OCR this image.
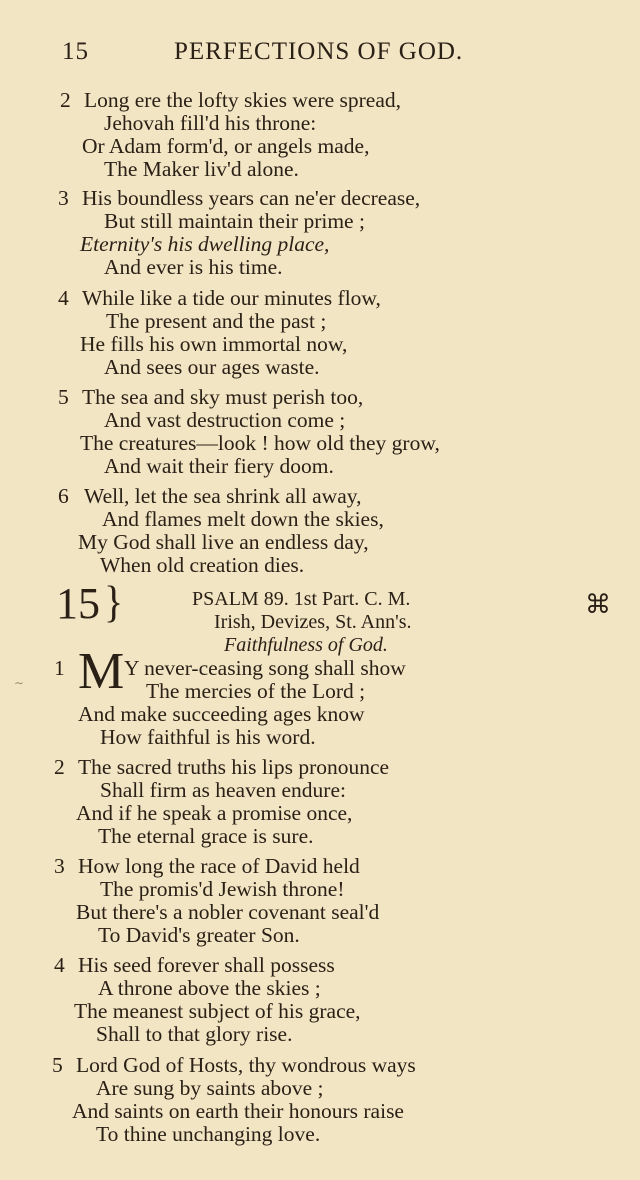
15	PERFECTIONS OF GOD.
2 Long ere the lofty skies were spread,
Jehovah fill'd his throne:
Or Adam form'd, or angels made,
The Maker liv'd alone.
3 His boundless years can ne'er decrease,
But still maintain their prime ;
Eternity's his dwelling place,
And ever is his time.
4 While like a tide our minutes flow,
The present and the past ;
He fills his own immortal now,
And sees our ages waste.
5 The sea and sky must perish too,
And vast destruction come ;
The creatures—look ! how old they grow,
And wait their fiery doom.
6 Well, let the sea shrink all away,
And flames melt down the skies,
My God shall live an endless day,
When old creation dies.
15 }	⌘
PSALM 89. 1st Part. C. M.
Irish, Devizes, St. Ann's.
Faithfulness of God.
∼
1 M Y never-ceasing song shall show
The mercies of the Lord ;
And make succeeding ages know
How faithful is his word.
2 The sacred truths his lips pronounce
Shall firm as heaven endure:
And if he speak a promise once,
The eternal grace is sure.
3 How long the race of David held
The promis'd Jewish throne!
But there's a nobler covenant seal'd
To David's greater Son.
4 His seed forever shall possess
A throne above the skies ;
The meanest subject of his grace,
Shall to that glory rise.
5 Lord God of Hosts, thy wondrous ways
Are sung by saints above ;
And saints on earth their honours raise
To thine unchanging love.
